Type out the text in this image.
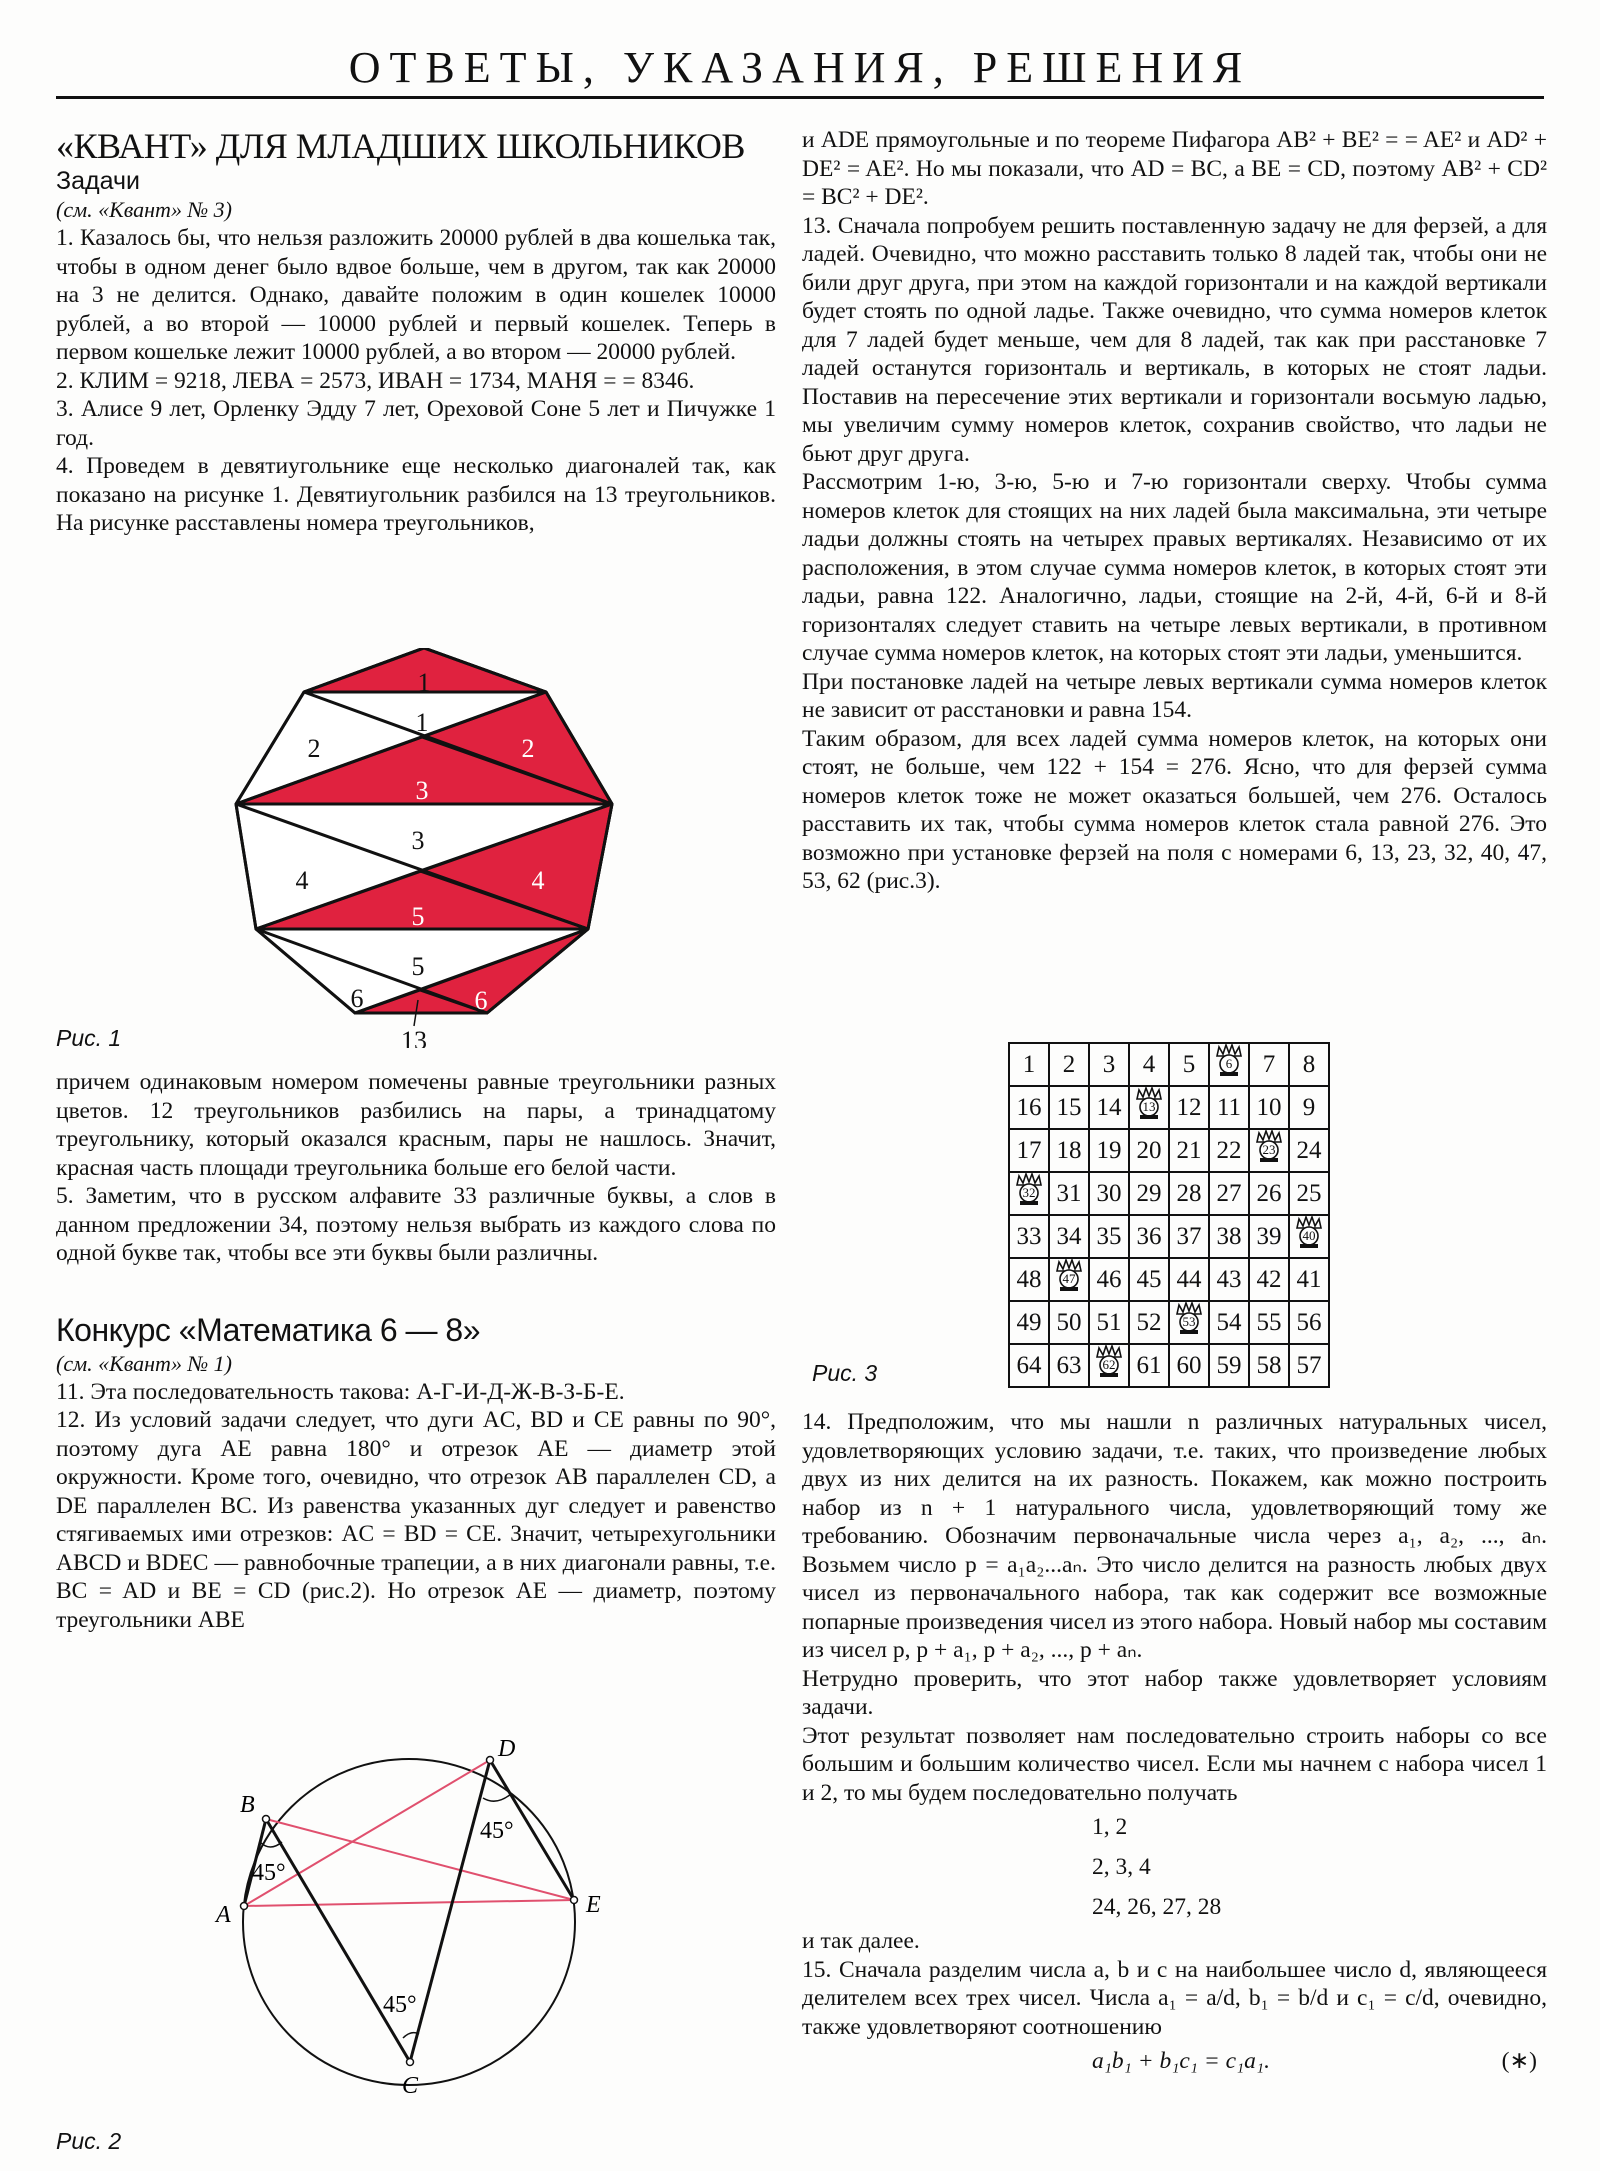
ОТВЕТЫ, УКАЗАНИЯ, РЕШЕНИЯ
«КВАНТ» ДЛЯ МЛАДШИХ ШКОЛЬНИКОВ
Задачи
(см. «Квант» № 3)

1. Казалось бы, что нельзя разложить 20000 рублей в два кошелька так, чтобы в одном денег было вдвое больше, чем в другом, так как 20000 на 3 не делится. Однако, давайте положим в один кошелек 10000 рублей, а во второй — 10000 рублей и первый кошелек. Теперь в первом кошельке лежит 10000 рублей, а во втором — 20000 рублей.

2. КЛИМ = 9218, ЛЕВА = 2573, ИВАН = 1734, МАНЯ = = 8346.

3. Алисе 9 лет, Орленку Эдду 7 лет, Ореховой Соне 5 лет и Пичужке 1 год.

4. Проведем в девятиугольнике еще несколько диагоналей так, как показано на рисунке 1. Девятиугольник разбился на 13 треугольников. На рисунке расставлены номера треугольников,

1
2
3
4
5
6
1
2
3
4
5
6
13
Рис. 1

причем одинаковым номером помечены равные треугольники разных цветов. 12 треугольников разбились на пары, а тринадцатому треугольнику, который оказался красным, пары не нашлось. Значит, красная часть площади треугольника больше его белой части.

5. Заметим, что в русском алфавите 33 различные буквы, а слов в данном предложении 34, поэтому нельзя выбрать из каждого слова по одной букве так, чтобы все эти буквы были различны.

Конкурс «Математика 6 — 8»
(см. «Квант» № 1)

11. Эта последовательность такова: А-Г-И-Д-Ж-В-З-Б-Е.

12. Из условий задачи следует, что дуги AC, BD и CE равны по 90°, поэтому дуга AE равна 180° и отрезок AE — диаметр этой окружности. Кроме того, очевидно, что отрезок AB параллелен CD, а DE параллелен BC. Из равенства указанных дуг следует и равенство стягиваемых ими отрезков: AC = BD = CE. Значит, четырехугольники ABCD и BDEC — равнобочные трапеции, а в них диагонали равны, т.е. BC = AD и BE = CD (рис.2). Но отрезок AE — диаметр, поэтому треугольники ABE

A
B
C
D
E
45°
45°
45°
Рис. 2

и ADE прямоугольные и по теореме Пифагора AB² + BE² = = AE² и AD² + DE² = AE². Но мы показали, что AD = BC, а BE = CD, поэтому AB² + CD² = BC² + DE².

13. Сначала попробуем решить поставленную задачу не для ферзей, а для ладей. Очевидно, что можно расставить только 8 ладей так, чтобы они не били друг друга, при этом на каждой горизонтали и на каждой вертикали будет стоять по одной ладье. Также очевидно, что сумма номеров клеток для 7 ладей будет меньше, чем для 8 ладей, так как при расстановке 7 ладей останутся горизонталь и вертикаль, в которых не стоят ладьи. Поставив на пересечение этих вертикали и горизонтали восьмую ладью, мы увеличим сумму номеров клеток, сохранив свойство, что ладьи не бьют друг друга.

Рассмотрим 1-ю, 3-ю, 5-ю и 7-ю горизонтали сверху. Чтобы сумма номеров клеток для стоящих на них ладей была максимальна, эти четыре ладьи должны стоять на четырех правых вертикалях. Независимо от их расположения, в этом случае сумма номеров клеток, в которых стоят эти ладьи, равна 122. Аналогично, ладьи, стоящие на 2-й, 4-й, 6-й и 8-й горизонталях следует ставить на четыре левых вертикали, в противном случае сумма номеров клеток, на которых стоят эти ладьи, уменьшится.

При постановке ладей на четыре левых вертикали сумма номеров клеток не зависит от расстановки и равна 154.

Таким образом, для всех ладей сумма номеров клеток, на которых они стоят, не больше, чем 122 + 154 = 276. Ясно, что для ферзей сумма номеров клеток тоже не может оказаться большей, чем 276. Осталось расставить их так, чтобы сумма номеров клеток стала равной 276. Это возможно при установке ферзей на поля с номерами 6, 13, 23, 32, 40, 47, 53, 62 (рис.3).

1	2	3	4	5	6	7	8
16	15	14	13	12	11	10	9
17	18	19	20	21	22	23	24

32	31	30	29	28	27	26	25
33	34	35	36	37	38	39	40

48	47	46	45	44	43	42	41
49	50	51	52	53	54	55	56
64	63	62	61	60	59	58	57
Рис. 3

14. Предположим, что мы нашли n различных натуральных чисел, удовлетворяющих условию задачи, т.е. таких, что произведение любых двух из них делится на их разность. Покажем, как можно построить набор из n + 1 натурального числа, удовлетворяющий тому же требованию. Обозначим первоначальные числа через a₁, a₂, ..., aₙ. Возьмем число p = a₁a₂...aₙ. Это число делится на разность любых двух чисел из первоначального набора, так как содержит все возможные попарные произведения чисел из этого набора. Новый набор мы составим из чисел p, p + a₁, p + a₂, ..., p + aₙ.

Нетрудно проверить, что этот набор также удовлетворяет условиям задачи.

Этот результат позволяет нам последовательно строить наборы со все большим и большим количество чисел. Если мы начнем с набора чисел 1 и 2, то мы будем последовательно получать

1, 2
2, 3, 4
24, 26, 27, 28

и так далее.

15. Сначала разделим числа a, b и c на наибольшее число d, являющееся делителем всех трех чисел. Числа a₁ = a/d, b₁ = b/d и c₁ = c/d, очевидно, также удовлетворяют соотношению

a₁b₁ + b₁c₁ = c₁a₁.	(∗)
